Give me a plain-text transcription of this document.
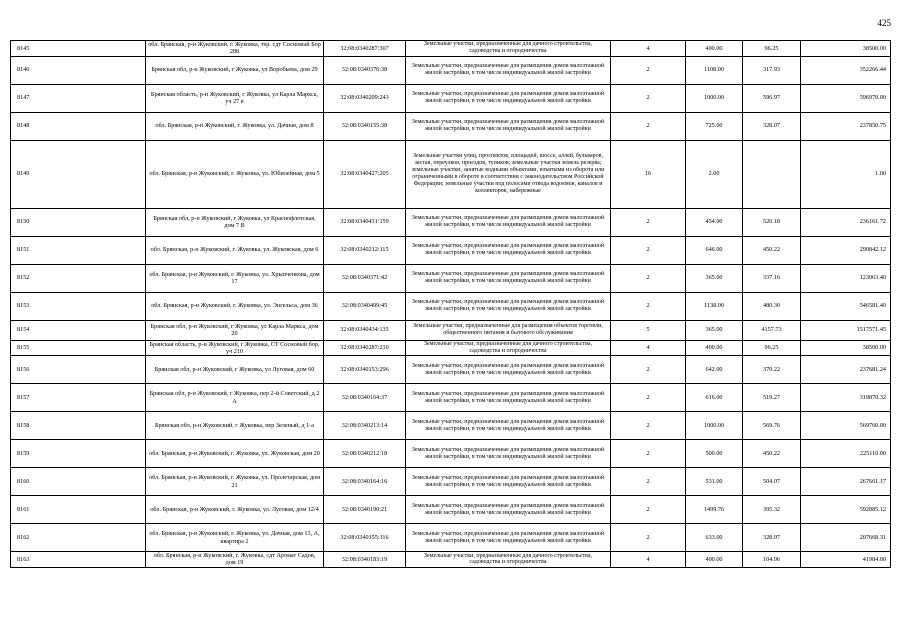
425
8145	обл. Брянская, р-н Жуковский, г. Жуковка, тер. сдт Сосновый Бор 288	32:08:0340287:307	Земельные участки, предназначенные для дачного строительства, садоводства и огородничества	4	400.00	96.25	38500.00
8146	Брянская обл, р-н Жуковский, г Жуковка, ул Воробьева, дом 29	32:08:0340376:38	Земельные участки, предназначенные для размещения домов малоэтажной жилой застройки, в том числе индивидуальной жилой застройки	2	1108.00	317.93	352266.44
8147	Брянская область, р-н Жуковский, г Жуковка, ул Карла Маркса, уч 27 в	32:08:0340209:243	Земельные участки, предназначенные для размещения домов малоэтажной жилой застройки, в том числе индивидуальной жилой застройки	2	1000.00	596.97	596970.00
8148	обл. Брянская, р-н Жуковский, г. Жуковка, ул. Дачная, дом 8	32:08:0340155:38	Земельные участки, предназначенные для размещения домов малоэтажной жилой застройки, в том числе индивидуальной жилой застройки	2	725.00	328.07	237850.75
8149	обл. Брянская, р-н Жуковский, г. Жуковка, ул. Юбилейная, дом 5	32:08:0340427:205	Земельные участки улиц, проспектов, площадей, шоссе, аллей, бульваров, застав, переулков, проездов, тупиков; земельные участки земель резерва; земельные участки, занятые водными объектами, изъятыми из оборота или ограниченными в обороте в соответствии с законодательством Российской Федерации; земельные участки под полосами отвода водоемов, каналов и коллекторов, набережные	16	2.00		1.00
8150	Брянская обл, р-н Жуковский, г Жуковка, ул Краснофлотская, дом 7 В	32:08:0340431:159	Земельные участки, предназначенные для размещения домов малоэтажной жилой застройки, в том числе индивидуальной жилой застройки	2	454.00	520.18	236161.72
8151	обл. Брянская, р-н Жуковский, г. Жуковка, ул. Жуковская, дом 6	32:08:0340212:115	Земельные участки, предназначенные для размещения домов малоэтажной жилой застройки, в том числе индивидуальной жилой застройки	2	646.00	450.22	290842.12
8152	обл. Брянская, р-н Жуковский, г. Жуковка, ул. Хрыпченкова, дом 17	32:08:0340371:42	Земельные участки, предназначенные для размещения домов малоэтажной жилой застройки, в том числе индивидуальной жилой застройки	2	365.00	337.16	123063.40
8153	обл. Брянская, р-н Жуковский, г. Жуковка, ул. Энгельса, дом 36	32:08:0340499:45	Земельные участки, предназначенные для размещения домов малоэтажной жилой застройки, в том числе индивидуальной жилой застройки	2	1138.00	480.30	546581.40
8154	Брянская обл, р-н Жуковский, г Жуковка, ул Карла Маркса, дом 20	32:08:0340434:135	Земельные участки, предназначенные для размещения объектов торговли, общественного питания и бытового обслуживания	5	365.00	4157.73	1517571.45
8155	Брянская область, р-н Жуковский, г Жуковка, СТ Сосновый бор, уч 210	32:08:0340287:210	Земельные участки, предназначенные для дачного строительства, садоводства и огородничества	4	400.00	96.25	38500.00
8156	Брянская обл, р-н Жуковский, г Жуковка, ул Луговая, дом 60	32:08:0340153:296	Земельные участки, предназначенные для размещения домов малоэтажной жилой застройки, в том числе индивидуальной жилой застройки	2	642.00	370.22	237681.24
8157	Брянская обл, р-н Жуковский, г Жуковка, пер 2-й Советский, д 2 А	32:08:0340164:37	Земельные участки, предназначенные для размещения домов малоэтажной жилой застройки, в том числе индивидуальной жилой застройки	2	616.00	519.27	319870.32
8158	Брянская обл, р-н Жуковский, г Жуковка, пер Зеленый, д 1-а	32:08:0340213:14	Земельные участки, предназначенные для размещения домов малоэтажной жилой застройки, в том числе индивидуальной жилой застройки	2	1000.00	569.76	569760.00
8159	обл. Брянская, р-н Жуковский, г. Жуковка, ул. Жуковская, дом 20	32:08:0340212:18	Земельные участки, предназначенные для размещения домов малоэтажной жилой застройки, в том числе индивидуальной жилой застройки	2	500.00	450.22	225110.00
8160	обл. Брянская, р-н Жуковский, г. Жуковка, ул. Пролетарская, дом 21	32:08:0340164:16	Земельные участки, предназначенные для размещения домов малоэтажной жилой застройки, в том числе индивидуальной жилой застройки	2	531.00	504.07	267661.17
8161	обл. Брянская, р-н Жуковский, г. Жуковка, ул. Луговая, дом 12/4	32:08:0340190:21	Земельные участки, предназначенные для размещения домов малоэтажной жилой застройки, в том числе индивидуальной жилой застройки	2	1499.76	395.32	592885.12
8162	обл. Брянская, р-н Жуковский, г. Жуковка, ул. Дачная, дом 13, А, квартира 2	32:08:0340155:116	Земельные участки, предназначенные для размещения домов малоэтажной жилой застройки, в том числе индивидуальной жилой застройки	2	633.00	328.07	207668.31
8163	обл. Брянская, р-н Жуковский, г. Жуковка, сдт Аромат Садов, дом 19	32:08:0340183:19	Земельные участки, предназначенные для дачного строительства, садоводства и огородничества	4	400.00	104.96	41984.00
